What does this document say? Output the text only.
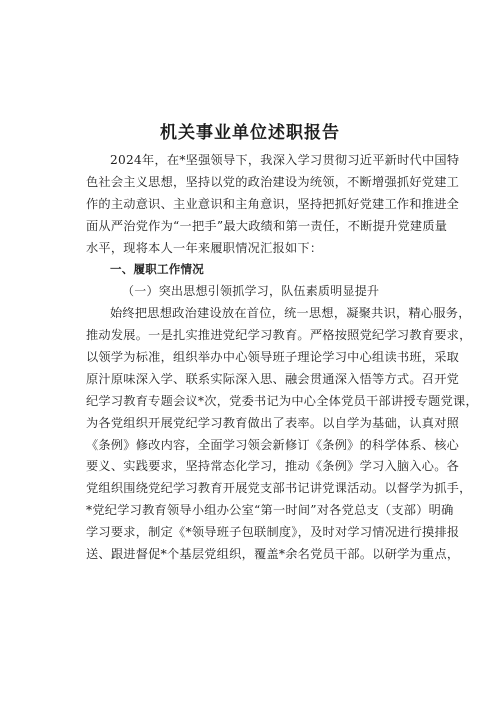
机关事业单位述职报告
2024年，在*坚强领导下，我深入学习贯彻习近平新时代中国特
色社会主义思想，坚持以党的政治建设为统领，不断增强抓好党建工
作的主动意识、主业意识和主角意识，坚持把抓好党建工作和推进全
面从严治党作为“一把手”最大政绩和第一责任，不断提升党建质量
水平，现将本人一年来履职情况汇报如下：
一、履职工作情况
（一）突出思想引领抓学习，队伍素质明显提升
始终把思想政治建设放在首位，统一思想，凝聚共识，精心服务，
推动发展。一是扎实推进党纪学习教育。严格按照党纪学习教育要求，
以领学为标准，组织举办中心领导班子理论学习中心组读书班，采取
原汁原味深入学、联系实际深入思、融会贯通深入悟等方式。召开党
纪学习教育专题会议*次，党委书记为中心全体党员干部讲授专题党课，
为各党组织开展党纪学习教育做出了表率。以自学为基础，认真对照
《条例》修改内容，全面学习领会新修订《条例》的科学体系、核心
要义、实践要求，坚持常态化学习，推动《条例》学习入脑入心。各
党组织围绕党纪学习教育开展党支部书记讲党课活动。以督学为抓手，
*党纪学习教育领导小组办公室“第一时间”对各党总支（支部）明确
学习要求，制定《*领导班子包联制度》，及时对学习情况进行摸排报
送、跟进督促*个基层党组织，覆盖*余名党员干部。以研学为重点，
